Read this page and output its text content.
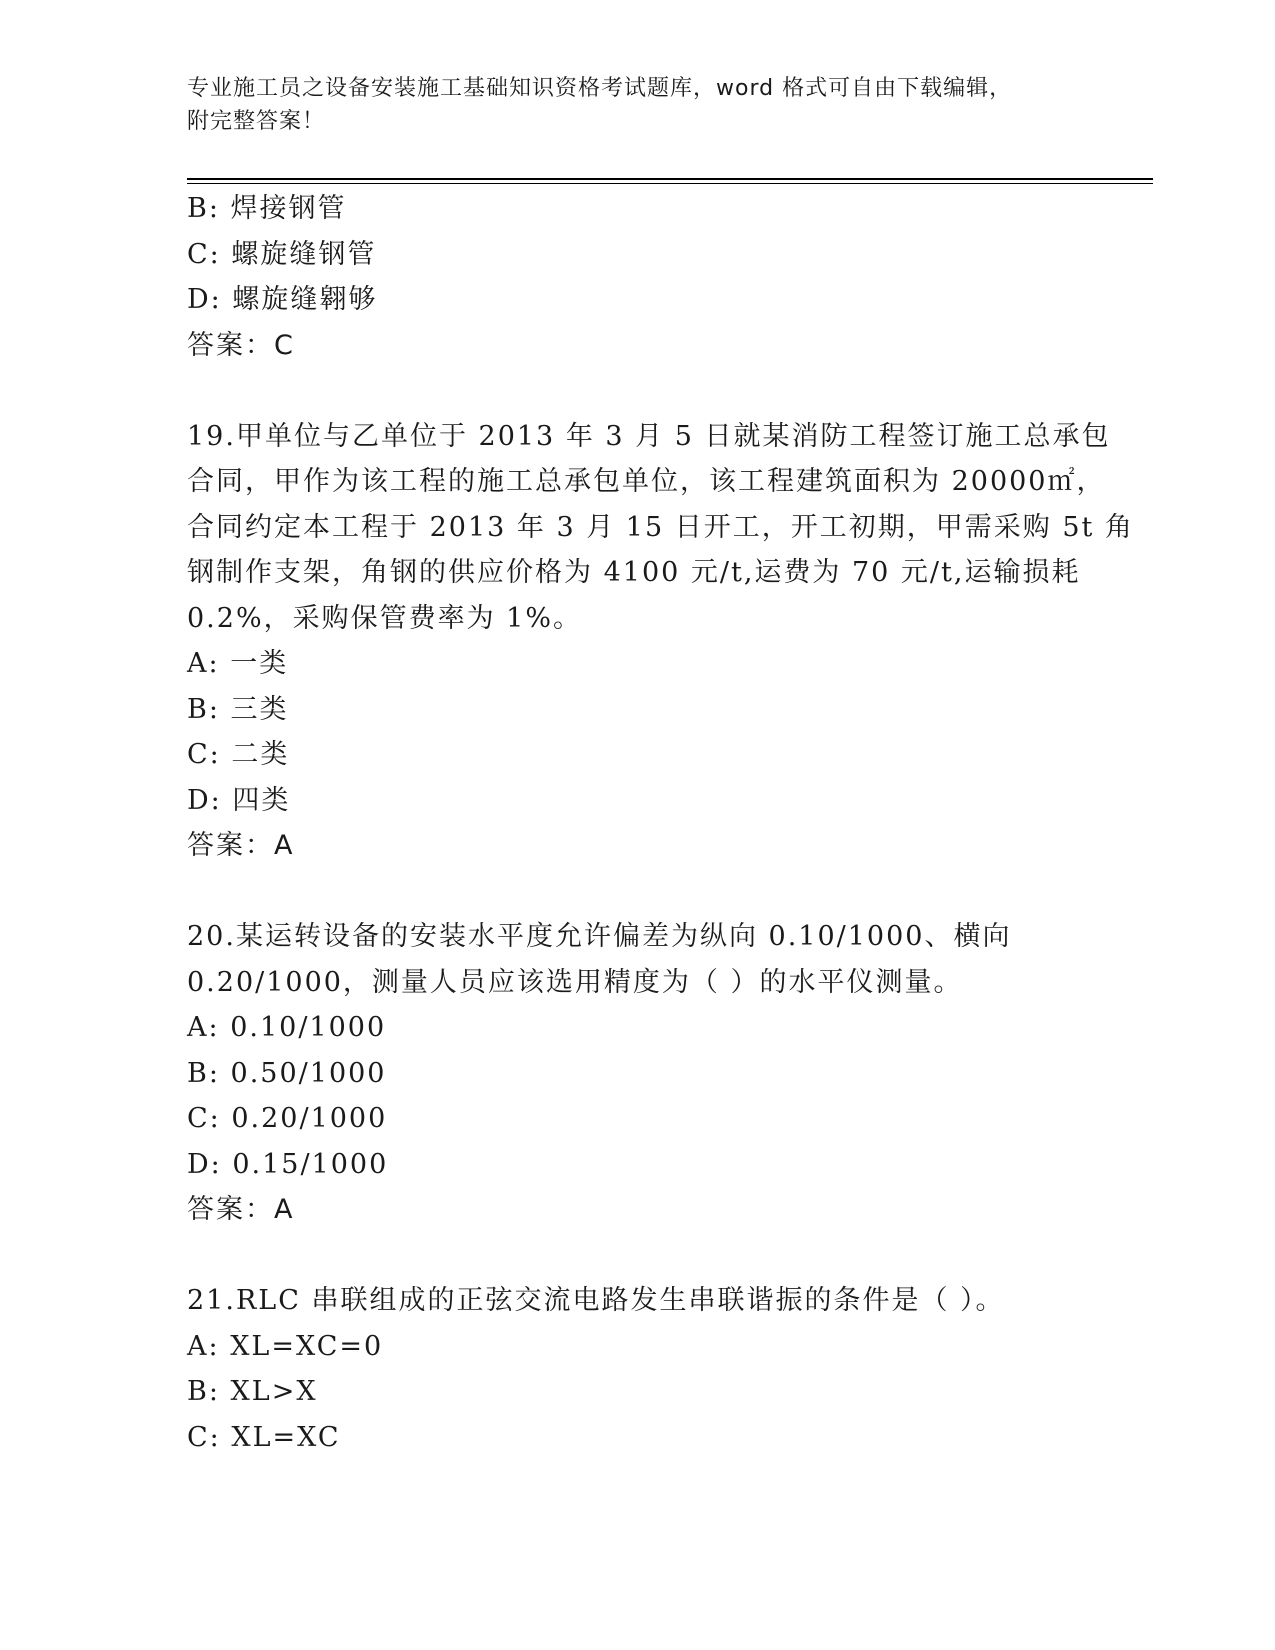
专业施工员之设备安装施工基础知识资格考试题库，word 格式可自由下载编辑，
附完整答案！
B: 焊接钢管
C: 螺旋缝钢管
D: 螺旋缝翱够
答案：C
19.甲单位与乙单位于 2013 年 3 月 5 日就某消防工程签订施工总承包
合同，甲作为该工程的施工总承包单位，该工程建筑面积为 20000㎡，
合同约定本工程于 2013 年 3 月 15 日开工，开工初期，甲需采购 5t 角
钢制作支架，角钢的供应价格为 4100 元/t,运费为 70 元/t,运输损耗
0.2%，采购保管费率为 1%。
A: 一类
B: 三类
C: 二类
D: 四类
答案：A
20.某运转设备的安装水平度允许偏差为纵向 0.10/1000、横向
0.20/1000，测量人员应该选用精度为（ ）的水平仪测量。
A: 0.10/1000
B: 0.50/1000
C: 0.20/1000
D: 0.15/1000
答案：A
21.RLC 串联组成的正弦交流电路发生串联谐振的条件是（ ）。
A: XL=XC=0
B: XL>X
C: XL=XC
